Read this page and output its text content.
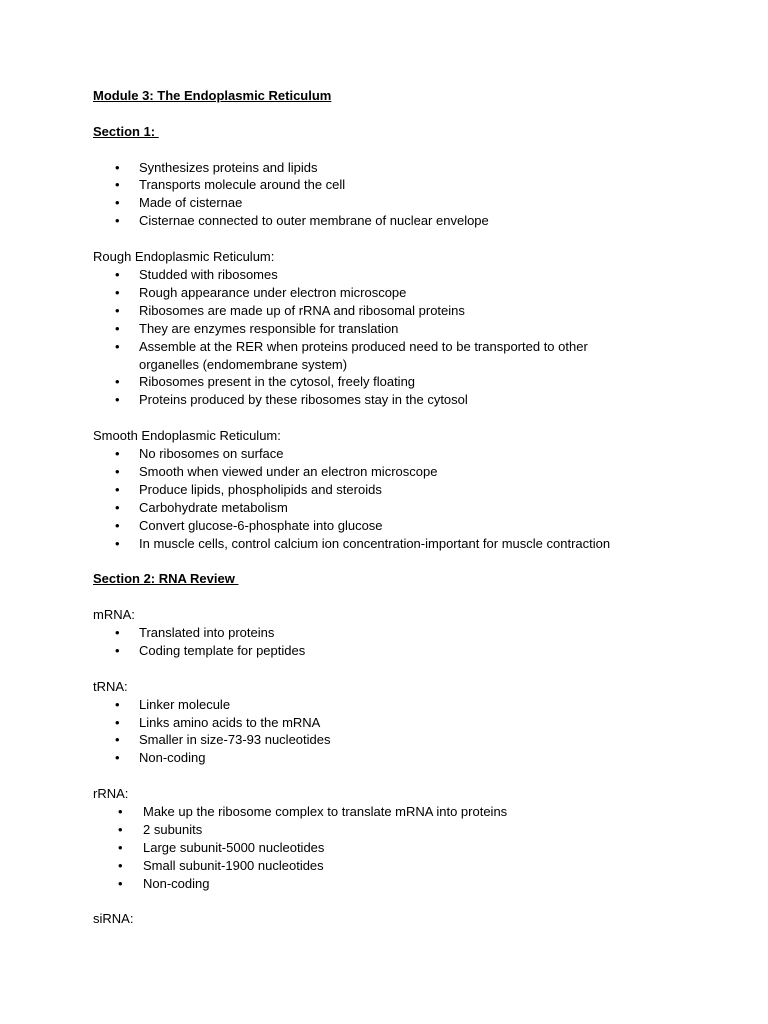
Module 3: The Endoplasmic Reticulum
Section 1:
• Synthesizes proteins and lipids
• Transports molecule around the cell
• Made of cisternae
• Cisternae connected to outer membrane of nuclear envelope
Rough Endoplasmic Reticulum:
• Studded with ribosomes
• Rough appearance under electron microscope
• Ribosomes are made up of rRNA and ribosomal proteins
• They are enzymes responsible for translation
• Assemble at the RER when proteins produced need to be transported to other organelles (endomembrane system)
• Ribosomes present in the cytosol, freely floating
• Proteins produced by these ribosomes stay in the cytosol
Smooth Endoplasmic Reticulum:
• No ribosomes on surface
• Smooth when viewed under an electron microscope
• Produce lipids, phospholipids and steroids
• Carbohydrate metabolism
• Convert glucose-6-phosphate into glucose
• In muscle cells, control calcium ion concentration-important for muscle contraction
Section 2: RNA Review
mRNA:
• Translated into proteins
• Coding template for peptides
tRNA:
• Linker molecule
• Links amino acids to the mRNA
• Smaller in size-73-93 nucleotides
• Non-coding
rRNA:
• Make up the ribosome complex to translate mRNA into proteins
• 2 subunits
• Large subunit-5000 nucleotides
• Small subunit-1900 nucleotides
• Non-coding
siRNA:
